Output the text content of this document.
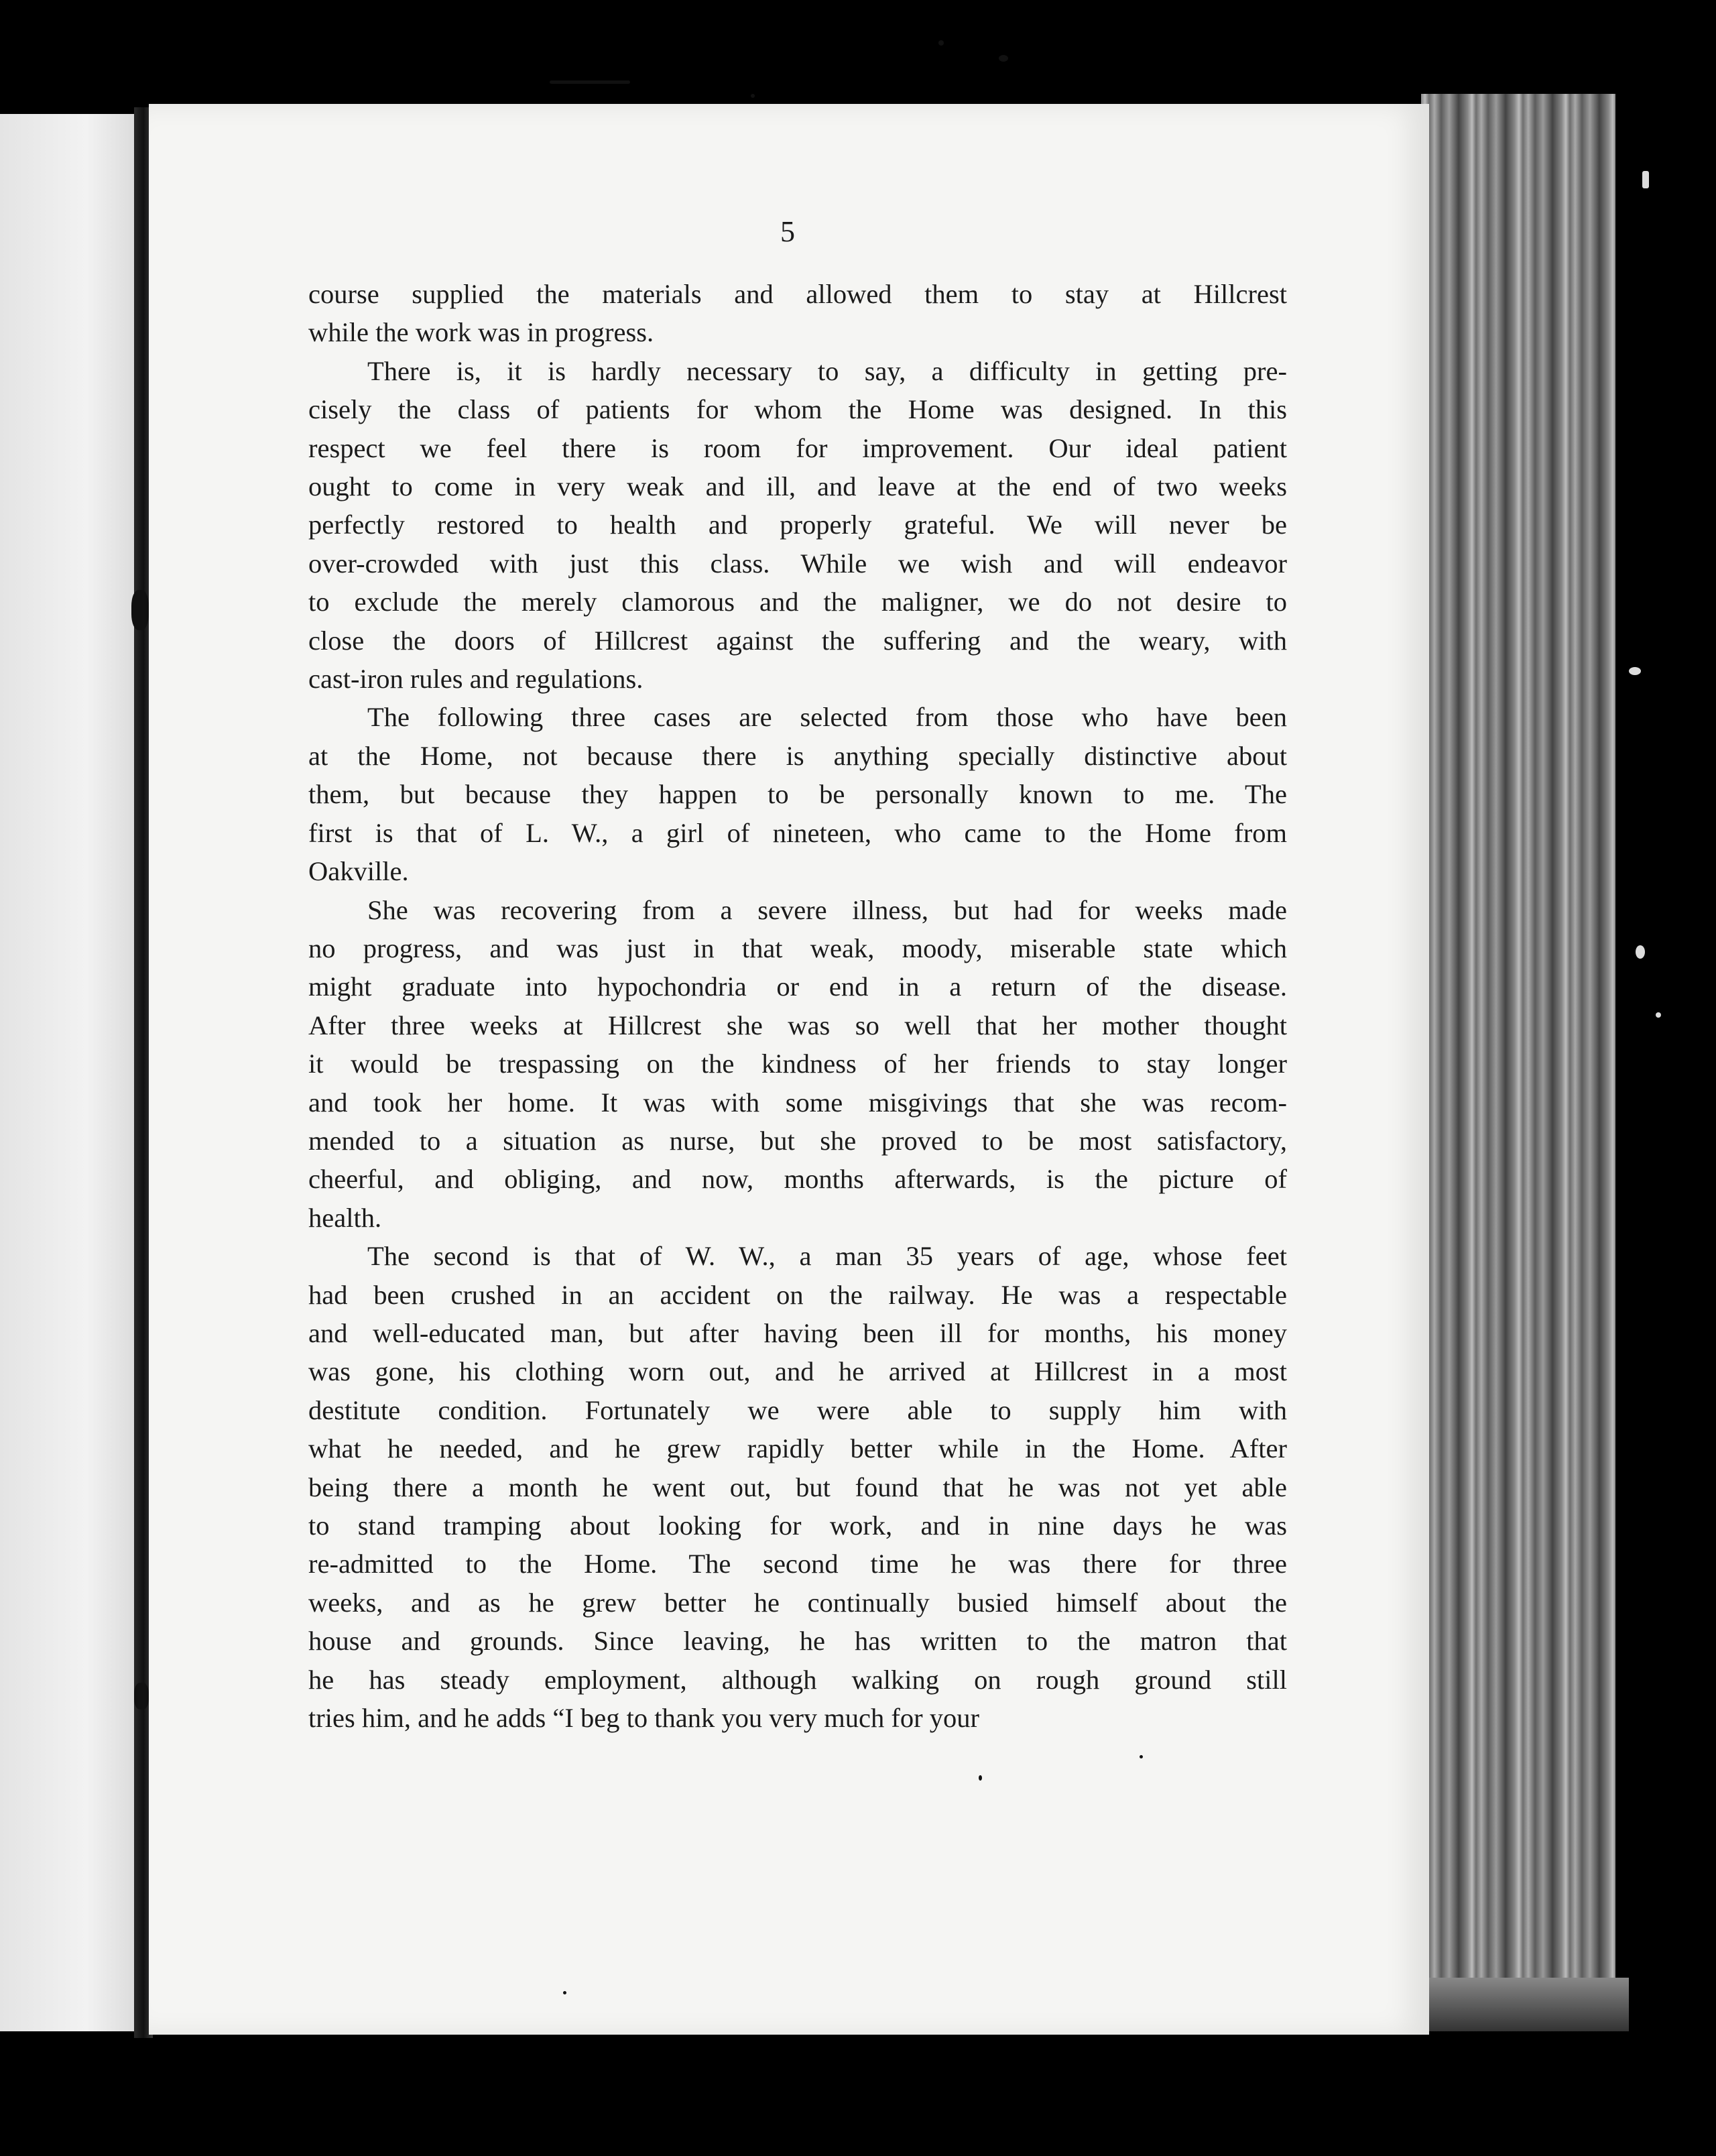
5

course supplied the materials and allowed them to stay at Hillcrest
while the work was in progress.

There is, it is hardly necessary to say, a difficulty in getting pre-
cisely the class of patients for whom the Home was designed. In this
respect we feel there is room for improvement. Our ideal patient
ought to come in very weak and ill, and leave at the end of two weeks
perfectly restored to health and properly grateful. We will never be
over-crowded with just this class. While we wish and will endeavor
to exclude the merely clamorous and the maligner, we do not desire to
close the doors of Hillcrest against the suffering and the weary, with
cast-iron rules and regulations.

The following three cases are selected from those who have been
at the Home, not because there is anything specially distinctive about
them, but because they happen to be personally known to me. The
first is that of L. W., a girl of nineteen, who came to the Home from
Oakville.

She was recovering from a severe illness, but had for weeks made
no progress, and was just in that weak, moody, miserable state which
might graduate into hypochondria or end in a return of the disease.
After three weeks at Hillcrest she was so well that her mother thought
it would be trespassing on the kindness of her friends to stay longer
and took her home. It was with some misgivings that she was recom-
mended to a situation as nurse, but she proved to be most satisfactory,
cheerful, and obliging, and now, months afterwards, is the picture of
health.

The second is that of W. W., a man 35 years of age, whose feet
had been crushed in an accident on the railway. He was a respectable
and well-educated man, but after having been ill for months, his money
was gone, his clothing worn out, and he arrived at Hillcrest in a most
destitute condition. Fortunately we were able to supply him with
what he needed, and he grew rapidly better while in the Home. After
being there a month he went out, but found that he was not yet able
to stand tramping about looking for work, and in nine days he was
re-admitted to the Home. The second time he was there for three
weeks, and as he grew better he continually busied himself about the
house and grounds. Since leaving, he has written to the matron that
he has steady employment, although walking on rough ground still
tries him, and he adds “I beg to thank you very much for your
